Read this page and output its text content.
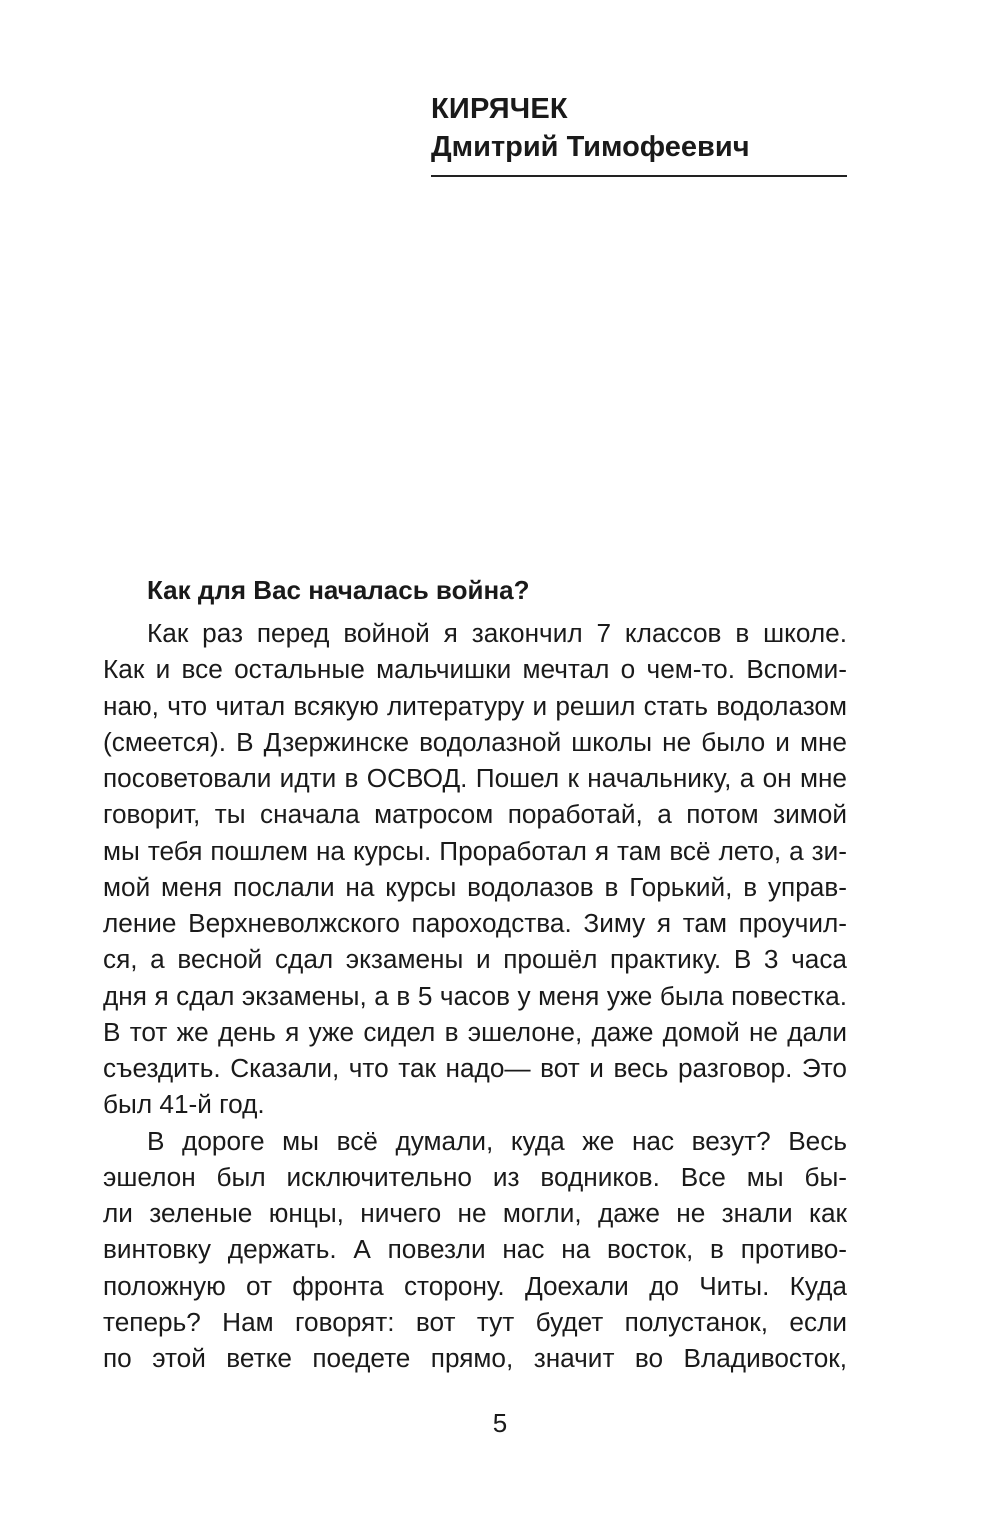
КИРЯЧЕК
Дмитрий Тимофеевич
Как для Вас началась война?
Как раз перед войной я закончил 7 классов в школе.
Как и все остальные мальчишки мечтал о чем-то. Вспоми-
наю, что читал всякую литературу и решил стать водолазом
(смеется). В Дзержинске водолазной школы не было и мне
посоветовали идти в ОСВОД. Пошел к начальнику, а он мне
говорит, ты сначала матросом поработай, а потом зимой
мы тебя пошлем на курсы. Проработал я там всё лето, а зи-
мой меня послали на курсы водолазов в Горький, в управ-
ление Верхневолжского пароходства. Зиму я там проучил-
ся, а весной сдал экзамены и прошёл практику. В 3 часа
дня я сдал экзамены, а в 5 часов у меня уже была повестка.
В тот же день я уже сидел в эшелоне, даже домой не дали
съездить. Сказали, что так надо— вот и весь разговор. Это
был 41-й год.
В дороге мы всё думали, куда же нас везут? Весь
эшелон был исключительно из водников. Все мы бы-
ли зеленые юнцы, ничего не могли, даже не знали как
винтовку держать. А повезли нас на восток, в противо-
положную от фронта сторону. Доехали до Читы. Куда
теперь? Нам говорят: вот тут будет полустанок, если
по этой ветке поедете прямо, значит во Владивосток,
5
